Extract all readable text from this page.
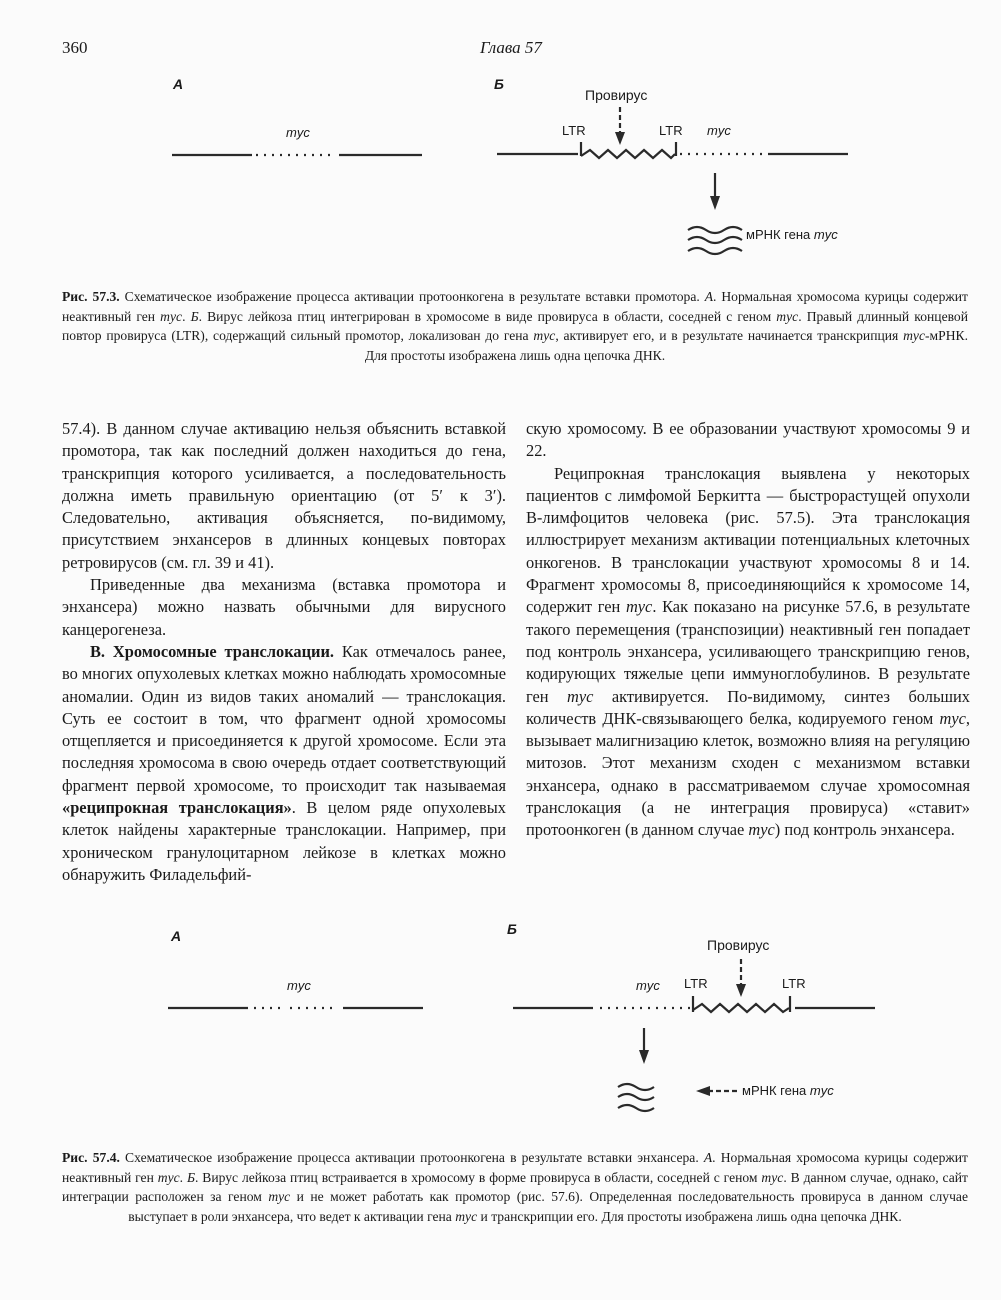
360	Глава 57
А	Б
myc
Провирус
LTR	LTR myc
мРНК гена myc
Рис. 57.3. Схематическое изображение процесса активации протоонкогена в результате вставки промотора. А. Нормальная хромосома курицы содержит неактивный ген myc. Б. Вирус лейкоза птиц интегрирован в хромосоме в виде провируса в области, соседней с геном myc. Правый длинный концевой повтор провируса (LTR), содержащий сильный промотор, локализован до гена myc, активирует его, и в результате начинается транскрипция myc-мРНК. Для простоты изображена лишь одна цепочка ДНК.

57.4). В данном случае активацию нельзя объяснить вставкой промотора, так как последний должен находиться до гена, транскрипция которого усиливается, а последовательность должна иметь правильную ориентацию (от 5′ к 3′). Следовательно, активация объясняется, по-видимому, присутствием энхансеров в длинных концевых повторах ретровирусов (см. гл. 39 и 41).

Приведенные два механизма (вставка промотора и энхансера) можно назвать обычными для вирусного канцерогенеза.

В. Хромосомные транслокации. Как отмечалось ранее, во многих опухолевых клетках можно наблюдать хромосомные аномалии. Один из видов таких аномалий — транслокация. Суть ее состоит в том, что фрагмент одной хромосомы отщепляется и присоединяется к другой хромосоме. Если эта последняя хромосома в свою очередь отдает соответствующий фрагмент первой хромосоме, то происходит так называемая «реципрокная транслокация». В целом ряде опухолевых клеток найдены характерные транслокации. Например, при хроническом гранулоцитарном лейкозе в клетках можно обнаружить Филадельфий-

скую хромосому. В ее образовании участвуют хромосомы 9 и 22.

Реципрокная транслокация выявлена у некоторых пациентов с лимфомой Беркитта — быстрорастущей опухоли В-лимфоцитов человека (рис. 57.5). Эта транслокация иллюстрирует механизм активации потенциальных клеточных онкогенов. В транслокации участвуют хромосомы 8 и 14. Фрагмент хромосомы 8, присоединяющийся к хромосоме 14, содержит ген myc. Как показано на рисунке 57.6, в результате такого перемещения (транспозиции) неактивный ген попадает под контроль энхансера, усиливающего транскрипцию генов, кодирующих тяжелые цепи иммуноглобулинов. В результате ген myc активируется. По-видимому, синтез больших количеств ДНК-связывающего белка, кодируемого геном myc, вызывает малигнизацию клеток, возможно влияя на регуляцию митозов. Этот механизм сходен с механизмом вставки энхансера, однако в рассматриваемом случае хромосомная транслокация (а не интеграция провируса) «ставит» протоонкоген (в данном случае myc) под контроль энхансера.

А	Б
myc
Провирус
myc LTR	LTR
мРНК гена myc
Рис. 57.4. Схематическое изображение процесса активации протоонкогена в результате вставки энхансера. А. Нормальная хромосома курицы содержит неактивный ген myc. Б. Вирус лейкоза птиц встраивается в хромосому в форме провируса в области, соседней с геном myc. В данном случае, однако, сайт интеграции расположен за геном myc и не может работать как промотор (рис. 57.6). Определенная последовательность провируса в данном случае выступает в роли энхансера, что ведет к активации гена myc и транскрипции его. Для простоты изображена лишь одна цепочка ДНК.
